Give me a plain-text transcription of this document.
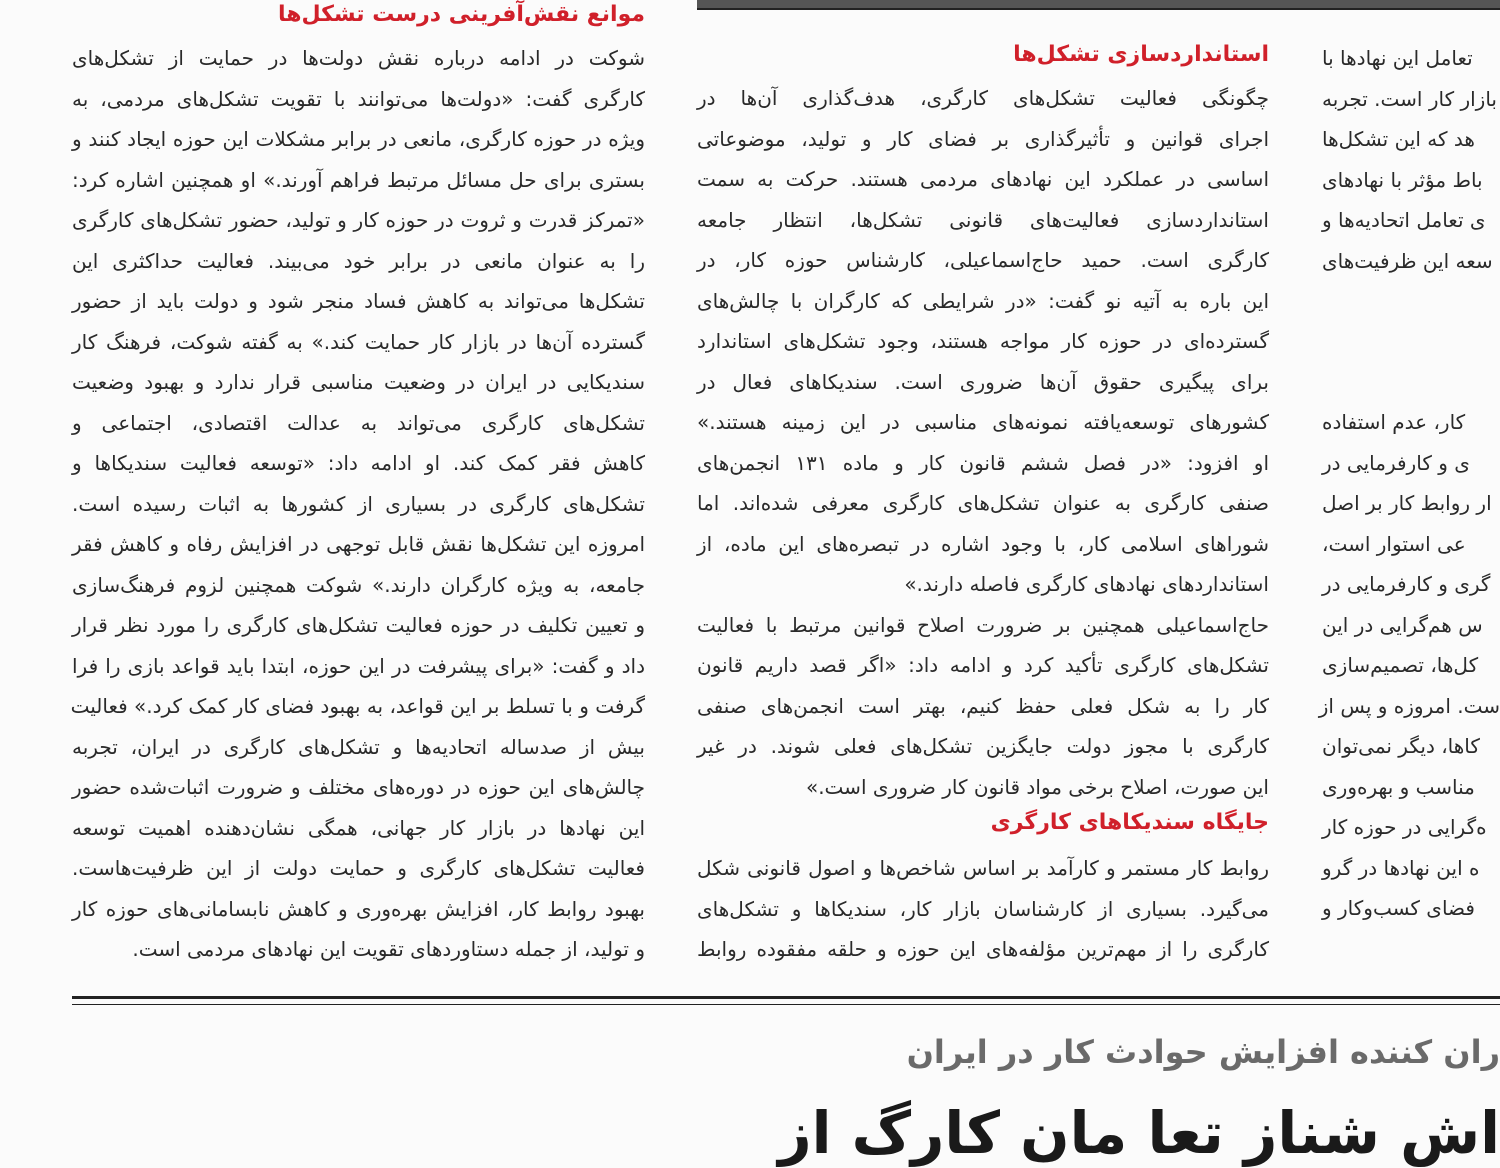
موانع نقش‌آفرینی درست تشکل‌ها

شوکت در ادامه درباره نقش دولت‌ها در حمایت از تشکل‌های

کارگری گفت: «دولت‌ها می‌توانند با تقویت تشکل‌های مردمی، به

ویژه در حوزه کارگری، مانعی در برابر مشکلات این حوزه ایجاد کنند و

بستری برای حل مسائل مرتبط فراهم آورند.» او همچنین اشاره کرد:

«تمرکز قدرت و ثروت در حوزه کار و تولید، حضور تشکل‌های کارگری

را به عنوان مانعی در برابر خود می‌بیند. فعالیت حداکثری این

تشکل‌ها می‌تواند به کاهش فساد منجر شود و دولت باید از حضور

گسترده آن‌ها در بازار کار حمایت کند.» به گفته شوکت، فرهنگ کار

سندیکایی در ایران در وضعیت مناسبی قرار ندارد و بهبود وضعیت

تشکل‌های کارگری می‌تواند به عدالت اقتصادی، اجتماعی و

کاهش فقر کمک کند. او ادامه داد: «توسعه فعالیت سندیکاها و

تشکل‌های کارگری در بسیاری از کشورها به اثبات رسیده است.

امروزه این تشکل‌ها نقش قابل توجهی در افزایش رفاه و کاهش فقر

جامعه، به ویژه کارگران دارند.» شوکت همچنین لزوم فرهنگ‌سازی

و تعیین تکلیف در حوزه فعالیت تشکل‌های کارگری را مورد نظر قرار

داد و گفت: «برای پیشرفت در این حوزه، ابتدا باید قواعد بازی را فرا

گرفت و با تسلط بر این قواعد، به بهبود فضای کار کمک کرد.» فعالیت

بیش از صدساله اتحادیه‌ها و تشکل‌های کارگری در ایران، تجربه

چالش‌های این حوزه در دوره‌های مختلف و ضرورت اثبات‌شده حضور

این نهادها در بازار کار جهانی، همگی نشان‌دهنده اهمیت توسعه

فعالیت تشکل‌های کارگری و حمایت دولت از این ظرفیت‌هاست.

بهبود روابط کار، افزایش بهره‌وری و کاهش نابسامانی‌های حوزه کار

و تولید، از جمله دستاوردهای تقویت این نهادهای مردمی است.

استانداردسازی تشکل‌ها

چگونگی فعالیت تشکل‌های کارگری، هدف‌گذاری آن‌ها در

اجرای قوانین و تأثیرگذاری بر فضای کار و تولید، موضوعاتی

اساسی در عملکرد این نهادهای مردمی هستند. حرکت به سمت

استانداردسازی فعالیت‌های قانونی تشکل‌ها، انتظار جامعه

کارگری است. حمید حاج‌اسماعیلی، کارشناس حوزه کار، در

این باره به آتیه نو گفت: «در شرایطی که کارگران با چالش‌های

گسترده‌ای در حوزه کار مواجه هستند، وجود تشکل‌های استاندارد

برای پیگیری حقوق آن‌ها ضروری است. سندیکاهای فعال در

کشورهای توسعه‌یافته نمونه‌های مناسبی در این زمینه هستند.»

او افزود: «در فصل ششم قانون کار و ماده ۱۳۱ انجمن‌های

صنفی کارگری به عنوان تشکل‌های کارگری معرفی شده‌اند. اما

شوراهای اسلامی کار، با وجود اشاره در تبصره‌های این ماده، از

استانداردهای نهادهای کارگری فاصله دارند.»

حاج‌اسماعیلی همچنین بر ضرورت اصلاح قوانین مرتبط با فعالیت

تشکل‌های کارگری تأکید کرد و ادامه داد: «اگر قصد داریم قانون

کار را به شکل فعلی حفظ کنیم، بهتر است انجمن‌های صنفی

کارگری با مجوز دولت جایگزین تشکل‌های فعلی شوند. در غیر

این صورت، اصلاح برخی مواد قانون کار ضروری است.»

جایگاه سندیکاهای کارگری

روابط کار مستمر و کارآمد بر اساس شاخص‌ها و اصول قانونی شکل

می‌گیرد. بسیاری از کارشناسان بازار کار، سندیکاها و تشکل‌های

کارگری را از مهم‌ترین مؤلفه‌های این حوزه و حلقه مفقوده روابط

تعامل این نهادها با

بازار کار است. تجربه

هد که این تشکل‌ها

باط مؤثر با نهادهای

ی تعامل اتحادیه‌ها و

سعه این ظرفیت‌های

کار، عدم استفاده

ی و کارفرمایی در

ار روابط کار بر اصل

عی استوار است،

گری و کارفرمایی در

س هم‌گرایی در این

کل‌ها، تصمیم‌سازی

ست. امروزه و پس از

کاها، دیگر نمی‌توان

مناسب و بهره‌وری

ه‌گرایی در حوزه کار

ه این نهادها در گرو

فضای کسب‌وکار و

ران کننده افزایش حوادث کار در ایران
اش شناز تعا مان کارگ از
